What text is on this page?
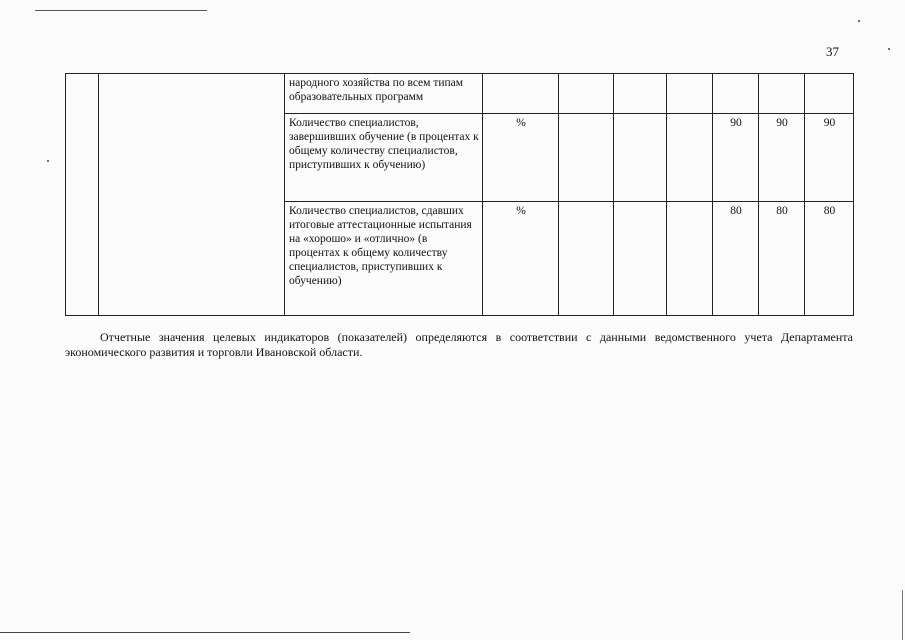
37
		народного хозяйства по всем типам образовательных программ							
		Количество специалистов, завершивших обучение (в процентах к общему количеству специалистов, приступивших к обучению)	%				90	90	90
		Количество специалистов, сдавших итоговые аттестационные испытания на «хорошо» и «отлично» (в процентах к общему количеству специалистов, приступивших к обучению)	%				80	80	80

Отчетные значения целевых индикаторов (показателей) определяются в соответствии с данными ведомственного учета Департамента экономического развития и торговли Ивановской области.
